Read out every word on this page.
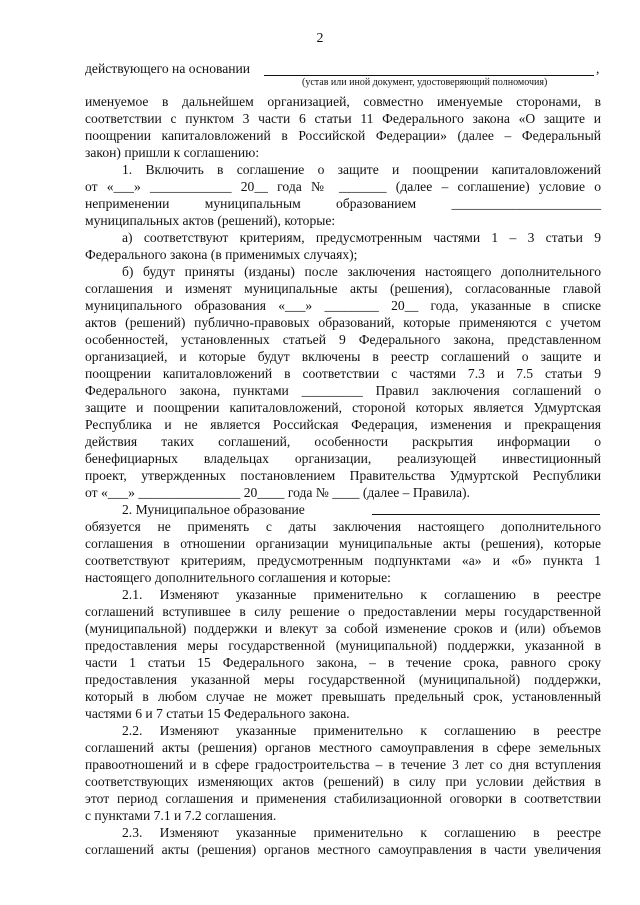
2
действующего на основании	,
(устав или иной документ, удостоверяющий полномочия)
именуемое в дальнейшем организацией, совместно именуемые сторонами, в
соответствии с пунктом 3 части 6 статьи 11 Федерального закона «О защите и
поощрении капиталовложений в Российской Федерации» (далее – Федеральный
закон) пришли к соглашению:
1. Включить в соглашение о защите и поощрении капиталовложений
от «___» ____________ 20__ года № _______ (далее – соглашение) условие о
неприменении муниципальным образованием ______________________
муниципальных актов (решений), которые:
а) соответствуют критериям, предусмотренным частями 1 – 3 статьи 9
Федерального закона (в применимых случаях);
б) будут приняты (изданы) после заключения настоящего дополнительного
соглашения и изменят муниципальные акты (решения), согласованные главой
муниципального образования «___» ________ 20__ года, указанные в списке
актов (решений) публично-правовых образований, которые применяются с учетом
особенностей, установленных статьей 9 Федерального закона, представленном
организацией, и которые будут включены в реестр соглашений о защите и
поощрении капиталовложений в соответствии с частями 7.3 и 7.5 статьи 9
Федерального закона, пунктами _________ Правил заключения соглашений о
защите и поощрении капиталовложений, стороной которых является Удмуртская
Республика и не является Российская Федерация, изменения и прекращения
действия таких соглашений, особенности раскрытия информации о
бенефициарных владельцах организации, реализующей инвестиционный
проект, утвержденных постановлением Правительства Удмуртской Республики
от «___» _______________ 20____ года № ____ (далее – Правила).
2. Муниципальное образование
обязуется не применять с даты заключения настоящего дополнительного
соглашения в отношении организации муниципальные акты (решения), которые
соответствуют критериям, предусмотренным подпунктами «а» и «б» пункта 1
настоящего дополнительного соглашения и которые:
2.1. Изменяют указанные применительно к соглашению в реестре
соглашений вступившее в силу решение о предоставлении меры государственной
(муниципальной) поддержки и влекут за собой изменение сроков и (или) объемов
предоставления меры государственной (муниципальной) поддержки, указанной в
части 1 статьи 15 Федерального закона, – в течение срока, равного сроку
предоставления указанной меры государственной (муниципальной) поддержки,
который в любом случае не может превышать предельный срок, установленный
частями 6 и 7 статьи 15 Федерального закона.
2.2. Изменяют указанные применительно к соглашению в реестре
соглашений акты (решения) органов местного самоуправления в сфере земельных
правоотношений и в сфере градостроительства – в течение 3 лет со дня вступления
соответствующих изменяющих актов (решений) в силу при условии действия в
этот период соглашения и применения стабилизационной оговорки в соответствии
с пунктами 7.1 и 7.2 соглашения.
2.3. Изменяют указанные применительно к соглашению в реестре
соглашений акты (решения) органов местного самоуправления в части увеличения
